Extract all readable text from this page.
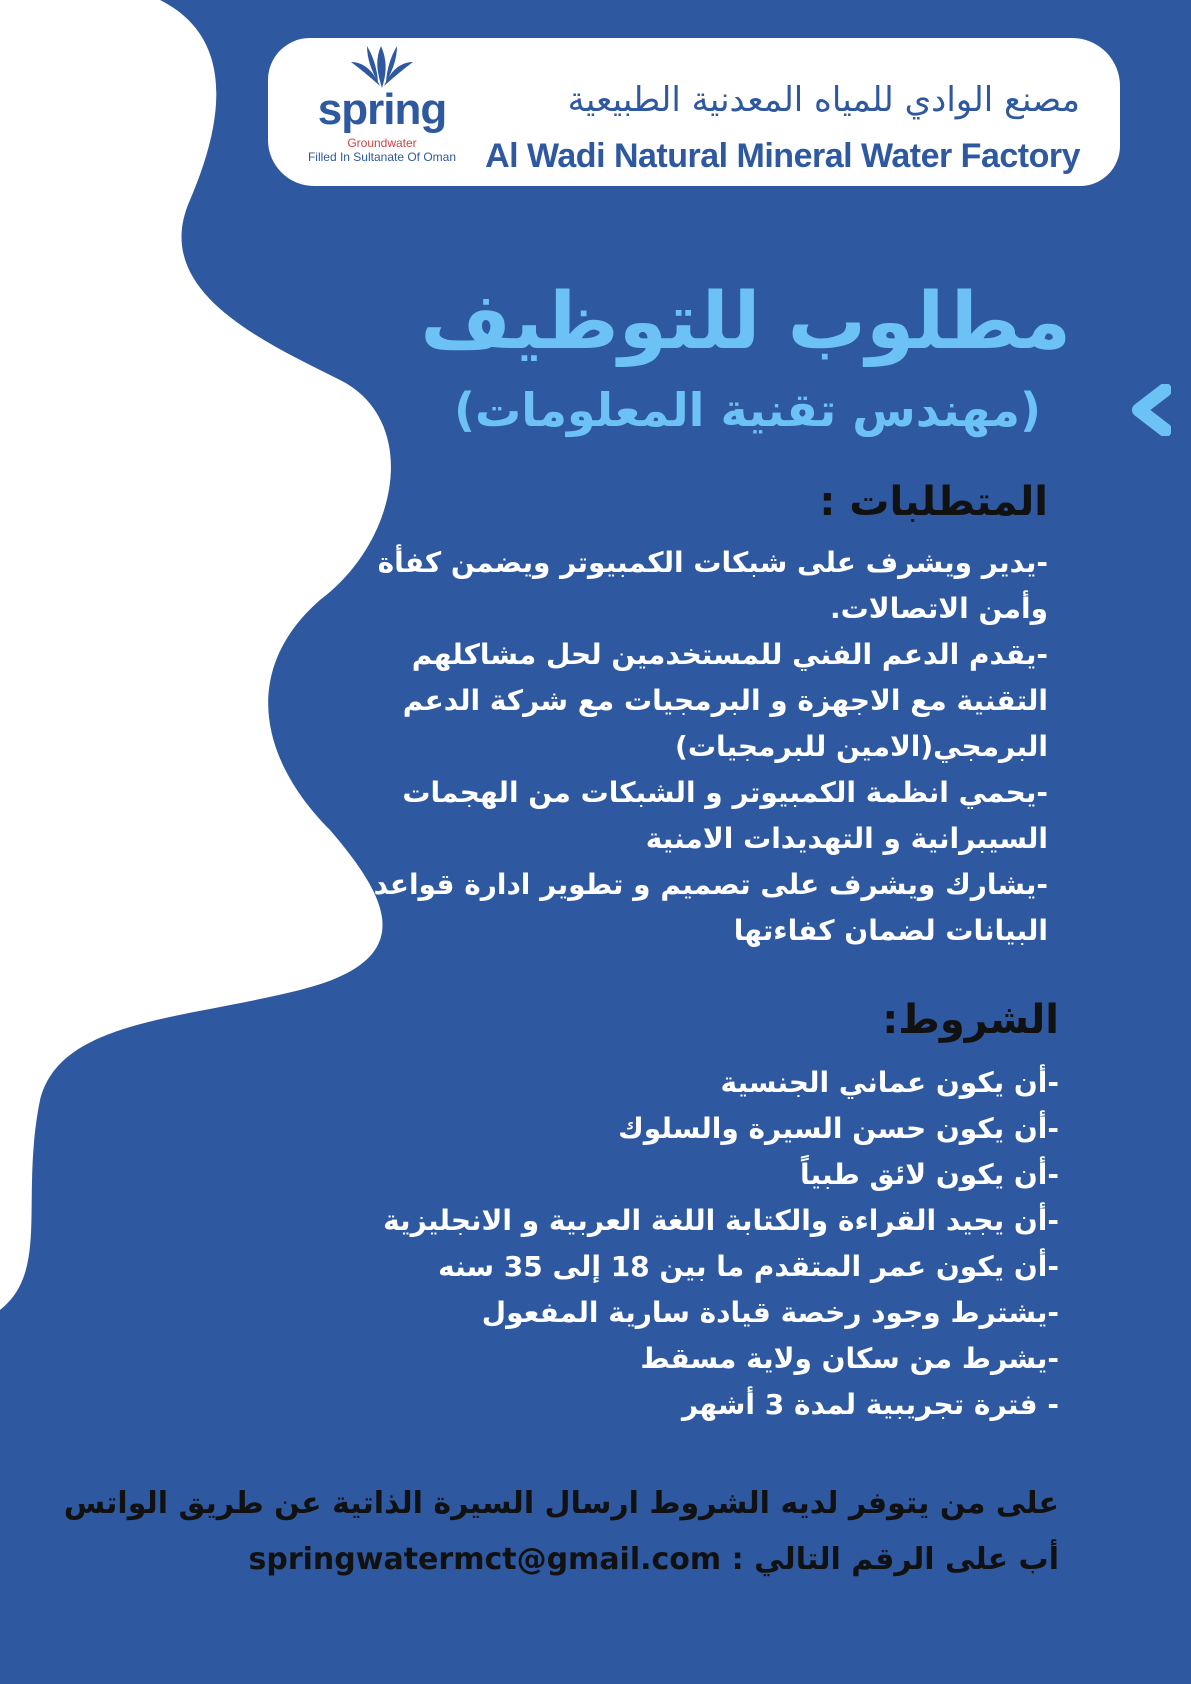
spring
Groundwater
Filled In Sultanate Of Oman
مصنع الوادي للمياه المعدنية الطبيعية
Al Wadi Natural Mineral Water Factory
مطلوب للتوظيف
(مهندس تقنية المعلومات)
المتطلبات :
-يدير ويشرف على شبكات الكمبيوتر ويضمن كفأة
وأمن الاتصالات.
-يقدم الدعم الفني للمستخدمين لحل مشاكلهم
التقنية مع الاجهزة و البرمجيات مع شركة الدعم
البرمجي(الامين للبرمجيات)
-يحمي انظمة الكمبيوتر و الشبكات من الهجمات
السيبرانية و التهديدات الامنية
-يشارك ويشرف على تصميم و تطوير ادارة قواعد
البيانات لضمان كفاءتها
الشروط:
-أن يكون عماني الجنسية
-أن يكون حسن السيرة والسلوك
-أن يكون لائق طبياً
-أن يجيد القراءة والكتابة اللغة العربية و الانجليزية
-أن يكون عمر المتقدم ما بين 18 إلى 35 سنه
-يشترط وجود رخصة قيادة سارية المفعول
-يشرط من سكان ولاية مسقط
- فترة تجريبية لمدة 3 أشهر
على من يتوفر لديه الشروط ارسال السيرة الذاتية عن طريق الواتس
أب على الرقم التالي : springwatermct@gmail.com
